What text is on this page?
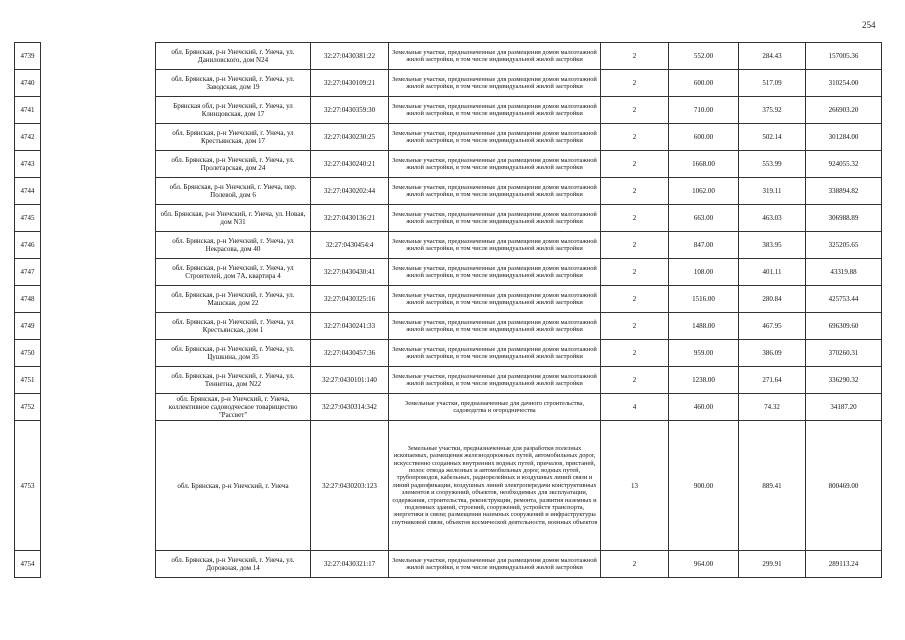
254
4739		обл. Брянская, р-н Унечский, г. Унеча, ул. Даниловского, дом N24	32:27:0430381:22	Земельные участки, предназначенные для размещения домов малоэтажной жилой застройки, в том числе индивидуальной жилой застройки	2	552.00	284.43	157005.36
4740		обл. Брянская, р-н Унечский, г. Унеча, ул. Заводская, дом 19	32:27:0430109:21	Земельные участки, предназначенные для размещения домов малоэтажной жилой застройки, в том числе индивидуальной жилой застройки	2	600.00	517.09	310254.00
4741		Брянская обл, р-н Унечский, г. Унеча, ул Клинцовская, дом 17	32:27:0430359:30	Земельные участки, предназначенные для размещения домов малоэтажной жилой застройки, в том числе индивидуальной жилой застройки	2	710.00	375.92	266903.20
4742		обл. Брянская, р-н Унечский, г. Унеча, ул Крестьянская, дом 17	32:27:0430230:25	Земельные участки, предназначенные для размещения домов малоэтажной жилой застройки, в том числе индивидуальной жилой застройки	2	600.00	502.14	301284.00
4743		обл. Брянская, р-н Унечский, г. Унеча, ул. Пролетарская, дом 24	32:27:0430240:21	Земельные участки, предназначенные для размещения домов малоэтажной жилой застройки, в том числе индивидуальной жилой застройки	2	1668.00	553.99	924055.32
4744		обл. Брянская, р-н Унечский, г. Унеча, пер. Полевой, дом 6	32:27:0430202:44	Земельные участки, предназначенные для размещения домов малоэтажной жилой застройки, в том числе индивидуальной жилой застройки	2	1062.00	319.11	338894.82
4745		обл. Брянская, р-н Унечский, г. Унеча, ул. Новая, дом N31	32:27:0430136:21	Земельные участки, предназначенные для размещения домов малоэтажной жилой застройки, в том числе индивидуальной жилой застройки	2	663.00	463.03	306988.89
4746		обл. Брянская, р-н Унечский, г. Унеча, ул Некрасова, дом 40	32:27:0430454:4	Земельные участки, предназначенные для размещения домов малоэтажной жилой застройки, в том числе индивидуальной жилой застройки	2	847.00	383.95	325205.65
4747		обл. Брянская, р-н Унечский, г. Унеча, ул Строителей, дом 7А, квартира 4	32:27:0430430:41	Земельные участки, предназначенные для размещения домов малоэтажной жилой застройки, в том числе индивидуальной жилой застройки	2	108.00	401.11	43319.88
4748		обл. Брянская, р-н Унечский, г. Унеча, ул. Машская, дом 22	32:27:0430325:16	Земельные участки, предназначенные для размещения домов малоэтажной жилой застройки, в том числе индивидуальной жилой застройки	2	1516.00	280.84	425753.44
4749		обл. Брянская, р-н Унечский, г. Унеча, ул Крестьянская, дом 1	32:27:0430241:33	Земельные участки, предназначенные для размещения домов малоэтажной жилой застройки, в том числе индивидуальной жилой застройки	2	1488.00	467.95	696309.60
4750		обл. Брянская, р-н Унечский, г. Унеча, ул. Цушкина, дом 35	32:27:0430457:36	Земельные участки, предназначенные для размещения домов малоэтажной жилой застройки, в том числе индивидуальной жилой застройки	2	959.00	386.09	370260.31
4751		обл. Брянская, р-н Унечский, г. Унеча, ул. Теннетна, дом N22	32:27:0430101:140	Земельные участки, предназначенные для размещения домов малоэтажной жилой застройки, в том числе индивидуальной жилой застройки	2	1238.00	271.64	336290.32
4752		обл. Брянская, р-н Унечский, г. Унеча, коллективное садоводческое товарищество "Рассвет"	32:27:0430314:342	Земельные участки, предназначенные для дачного строительства, садоводства и огородничества	4	460.00	74.32	34187.20
4753		обл. Брянская, р-н Унечский, г. Унеча	32:27:0430203:123	Земельные участки, предназначенные для разработки полезных ископаемых, размещения железнодорожных путей, автомобильных дорог, искусственно созданных внутренних водных путей, причалов, пристаней, полос отвода железных и автомобильных дорог, водных путей, трубопроводов, кабельных, радиорелейных и воздушных линий связи и линий радиофикации, воздушных линий электропередачи конструктивных элементов и сооружений, объектов, необходимых для эксплуатации, содержания, строительства, реконструкции, ремонта, развития наземных и подземных зданий, строений, сооружений, устройств транспорта, энергетики и связи; размещения наземных сооружений и инфраструктуры спутниковой связи, объектов космической деятельности, военных объектов	13	900.00	889.41	800469.00
4754		обл. Брянская, р-н Унечский, г. Унеча, ул. Дорожная, дом 14	32:27:0430321:17	Земельные участки, предназначенные для размещения домов малоэтажной жилой застройки, в том числе индивидуальной жилой застройки	2	964.00	299.91	289113.24
